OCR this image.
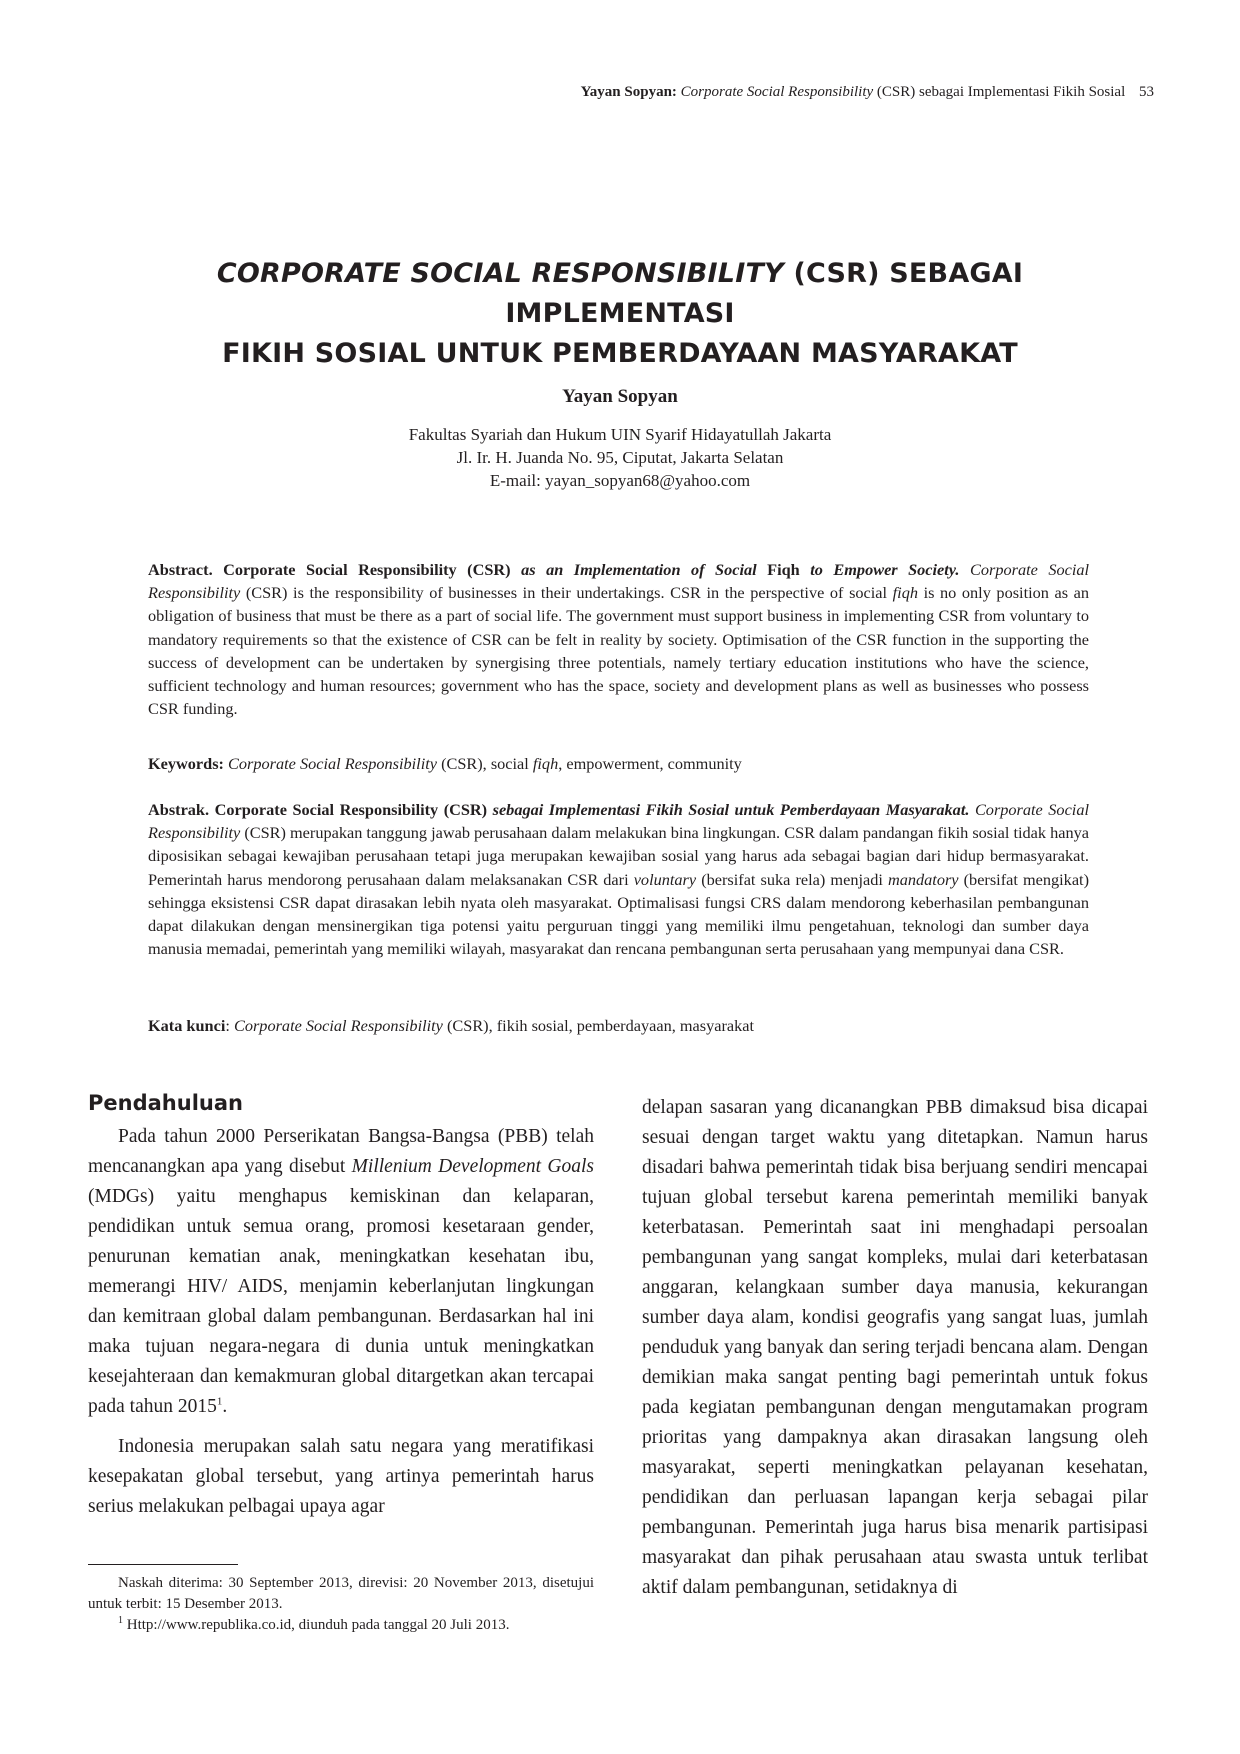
Yayan Sopyan: Corporate Social Responsibility (CSR) sebagai Implementasi Fikih Sosial 53
CORPORATE SOCIAL RESPONSIBILITY (CSR) SEBAGAI IMPLEMENTASI
FIKIH SOSIAL UNTUK PEMBERDAYAAN MASYARAKAT
Yayan Sopyan
Fakultas Syariah dan Hukum UIN Syarif Hidayatullah Jakarta
Jl. Ir. H. Juanda No. 95, Ciputat, Jakarta Selatan
E-mail: yayan_sopyan68@yahoo.com
Abstract. Corporate Social Responsibility (CSR) as an Implementation of Social Fiqh to Empower Society. Corporate Social Responsibility (CSR) is the responsibility of businesses in their undertakings. CSR in the perspective of social fiqh is no only position as an obligation of business that must be there as a part of social life. The government must support business in implementing CSR from voluntary to mandatory requirements so that the existence of CSR can be felt in reality by society. Optimisation of the CSR function in the supporting the success of development can be undertaken by synergising three potentials, namely tertiary education institutions who have the science, sufficient technology and human resources; government who has the space, society and development plans as well as businesses who possess CSR funding.
Keywords: Corporate Social Responsibility (CSR), social fiqh, empowerment, community
Abstrak. Corporate Social Responsibility (CSR) sebagai Implementasi Fikih Sosial untuk Pemberdayaan Masyarakat. Corporate Social Responsibility (CSR) merupakan tanggung jawab perusahaan dalam melakukan bina lingkungan. CSR dalam pandangan fikih sosial tidak hanya diposisikan sebagai kewajiban perusahaan tetapi juga merupakan kewajiban sosial yang harus ada sebagai bagian dari hidup bermasyarakat. Pemerintah harus mendorong perusahaan dalam melaksanakan CSR dari voluntary (bersifat suka rela) menjadi mandatory (bersifat mengikat) sehingga eksistensi CSR dapat dirasakan lebih nyata oleh masyarakat. Optimalisasi fungsi CRS dalam mendorong keberhasilan pembangunan dapat dilakukan dengan mensinergikan tiga potensi yaitu perguruan tinggi yang memiliki ilmu pengetahuan, teknologi dan sumber daya manusia memadai, pemerintah yang memiliki wilayah, masyarakat dan rencana pembangunan serta perusahaan yang mempunyai dana CSR.
Kata kunci: Corporate Social Responsibility (CSR), fikih sosial, pemberdayaan, masyarakat
Pendahuluan

Pada tahun 2000 Perserikatan Bangsa-Bangsa (PBB) telah mencanangkan apa yang disebut Millenium Development Goals (MDGs) yaitu menghapus kemiskinan dan kelaparan, pendidikan untuk semua orang, promosi kesetaraan gender, penurunan kematian anak, meningkatkan kesehatan ibu, memerangi HIV/ AIDS, menjamin keberlanjutan lingkungan dan kemitraan global dalam pembangunan. Berdasarkan hal ini maka tujuan negara-negara di dunia untuk meningkatkan kesejahteraan dan kemakmuran global ditargetkan akan tercapai pada tahun 2015$^1$.

Indonesia merupakan salah satu negara yang meratifikasi kesepakatan global tersebut, yang artinya pemerintah harus serius melakukan pelbagai upaya agar

delapan sasaran yang dicanangkan PBB dimaksud bisa dicapai sesuai dengan target waktu yang ditetapkan. Namun harus disadari bahwa pemerintah tidak bisa berjuang sendiri mencapai tujuan global tersebut karena pemerintah memiliki banyak keterbatasan. Pemerintah saat ini menghadapi persoalan pembangunan yang sangat kompleks, mulai dari keterbatasan anggaran, kelangkaan sumber daya manusia, kekurangan sumber daya alam, kondisi geografis yang sangat luas, jumlah penduduk yang banyak dan sering terjadi bencana alam. Dengan demikian maka sangat penting bagi pemerintah untuk fokus pada kegiatan pembangunan dengan mengutamakan program prioritas yang dampaknya akan dirasakan langsung oleh masyarakat, seperti meningkatkan pelayanan kesehatan, pendidikan dan perluasan lapangan kerja sebagai pilar pembangunan. Pemerintah juga harus bisa menarik partisipasi masyarakat dan pihak perusahaan atau swasta untuk terlibat aktif dalam pembangunan, setidaknya di

Naskah diterima: 30 September 2013, direvisi: 20 November 2013, disetujui untuk terbit: 15 Desember 2013.

$^1$ Http://www.republika.co.id, diunduh pada tanggal 20 Juli 2013.
